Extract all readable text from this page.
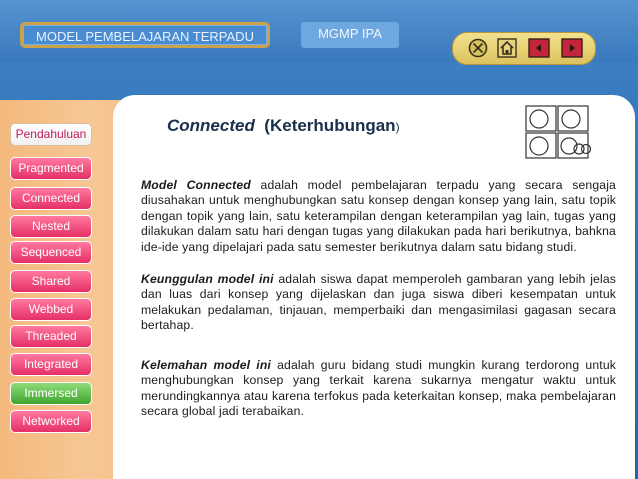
MODEL PEMBELAJARAN TERPADU	MGMP IPA
Pendahuluan
Pragmented
Connected
Nested
Sequenced
Shared
Webbed
Threaded
Integrated
Immersed
Networked
Connected (Keterhubungan)
Model Connected adalah model pembelajaran terpadu yang secara sengaja diusahakan untuk menghubungkan satu konsep dengan konsep yang lain, satu topik dengan topik yang lain, satu keterampilan dengan keterampilan yag lain, tugas yang dilakukan dalam satu hari dengan tugas yang dilakukan pada hari berikutnya, bahkna ide-ide yang dipelajari pada satu semester berikutnya dalam satu bidang studi.
Keunggulan model ini adalah siswa dapat memperoleh gambaran yang lebih jelas dan luas dari konsep yang dijelaskan dan juga siswa diberi kesempatan untuk melakukan pedalaman, tinjauan, memperbaiki dan mengasimilasi gagasan secara bertahap.
Kelemahan model ini adalah guru bidang studi mungkin kurang terdorong untuk menghubungkan konsep yang terkait karena sukarnya mengatur waktu untuk merundingkannya atau karena terfokus pada keterkaitan konsep, maka pembelajaran secara global jadi terabaikan.
